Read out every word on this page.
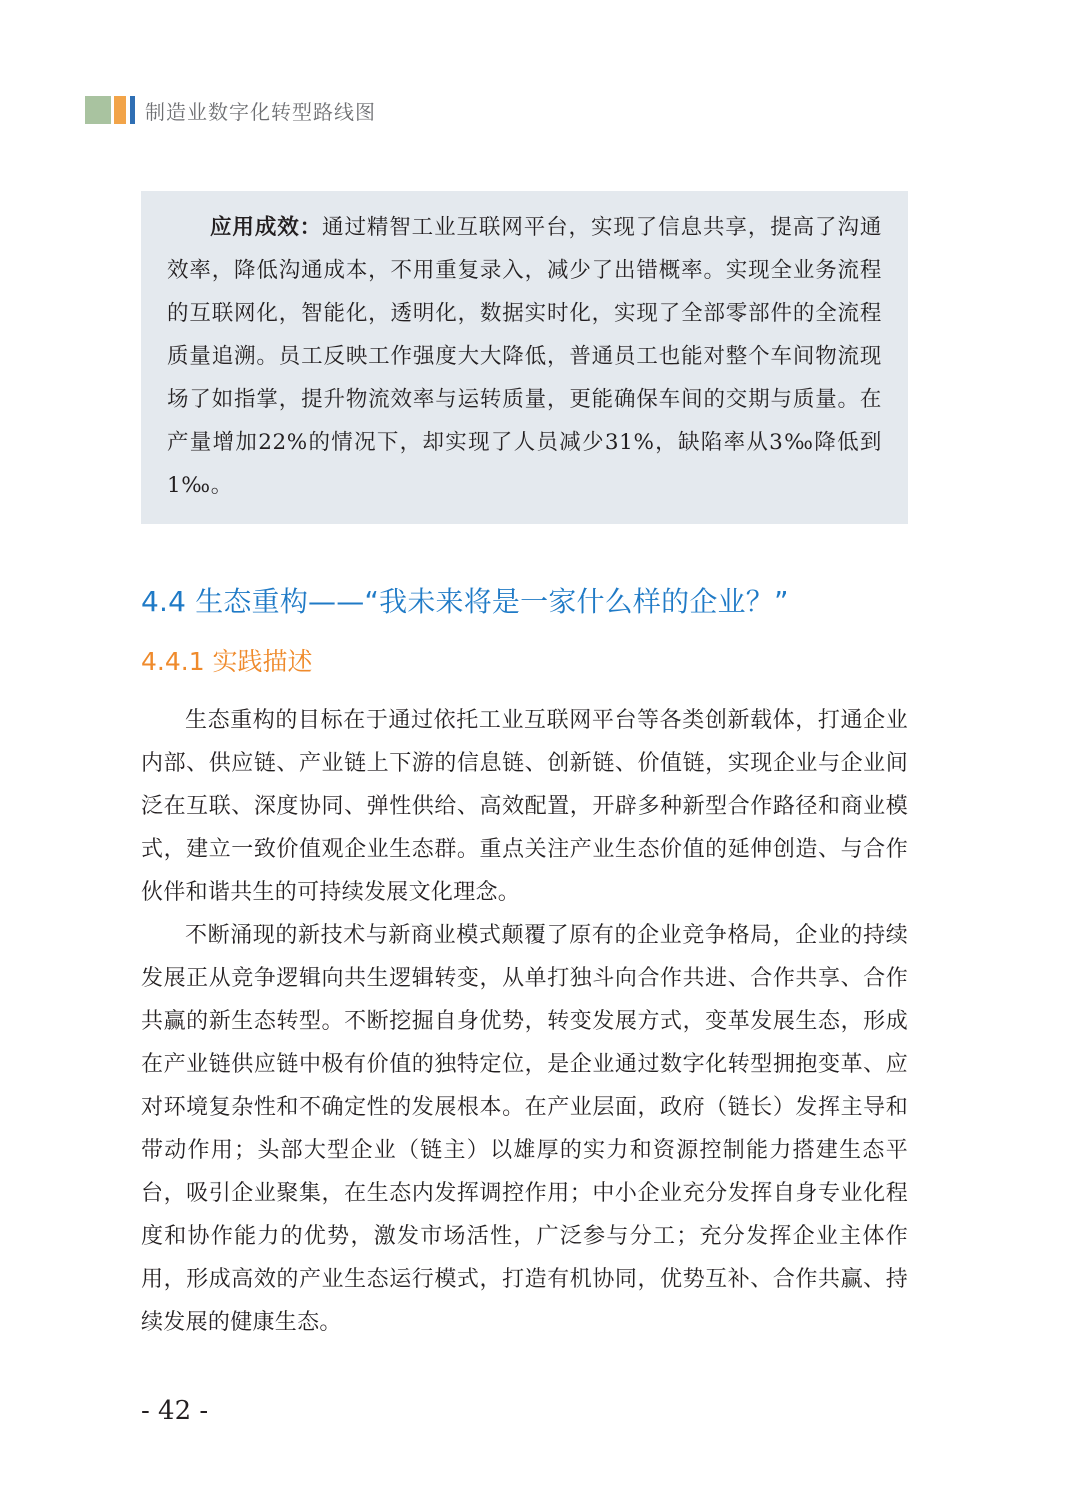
制造业数字化转型路线图

应用成效：通过精智工业互联网平台，实现了信息共享，提高了沟通效率，降低沟通成本，不用重复录入，减少了出错概率。实现全业务流程的互联网化，智能化，透明化，数据实时化，实现了全部零部件的全流程质量追溯。员工反映工作强度大大降低，普通员工也能对整个车间物流现场了如指掌，提升物流效率与运转质量，更能确保车间的交期与质量。在产量增加22%的情况下，却实现了人员减少31%，缺陷率从3‰降低到1‰。

4.4 生态重构——“我未来将是一家什么样的企业？”
4.4.1 实践描述

生态重构的目标在于通过依托工业互联网平台等各类创新载体，打通企业内部、供应链、产业链上下游的信息链、创新链、价值链，实现企业与企业间泛在互联、深度协同、弹性供给、高效配置，开辟多种新型合作路径和商业模式，建立一致价值观企业生态群。重点关注产业生态价值的延伸创造、与合作伙伴和谐共生的可持续发展文化理念。

不断涌现的新技术与新商业模式颠覆了原有的企业竞争格局，企业的持续发展正从竞争逻辑向共生逻辑转变，从单打独斗向合作共进、合作共享、合作共赢的新生态转型。不断挖掘自身优势，转变发展方式，变革发展生态，形成在产业链供应链中极有价值的独特定位，是企业通过数字化转型拥抱变革、应对环境复杂性和不确定性的发展根本。在产业层面，政府（链长）发挥主导和带动作用；头部大型企业（链主）以雄厚的实力和资源控制能力搭建生态平台，吸引企业聚集，在生态内发挥调控作用；中小企业充分发挥自身专业化程度和协作能力的优势，激发市场活性，广泛参与分工；充分发挥企业主体作用，形成高效的产业生态运行模式，打造有机协同，优势互补、合作共赢、持续发展的健康生态。

- 42 -
